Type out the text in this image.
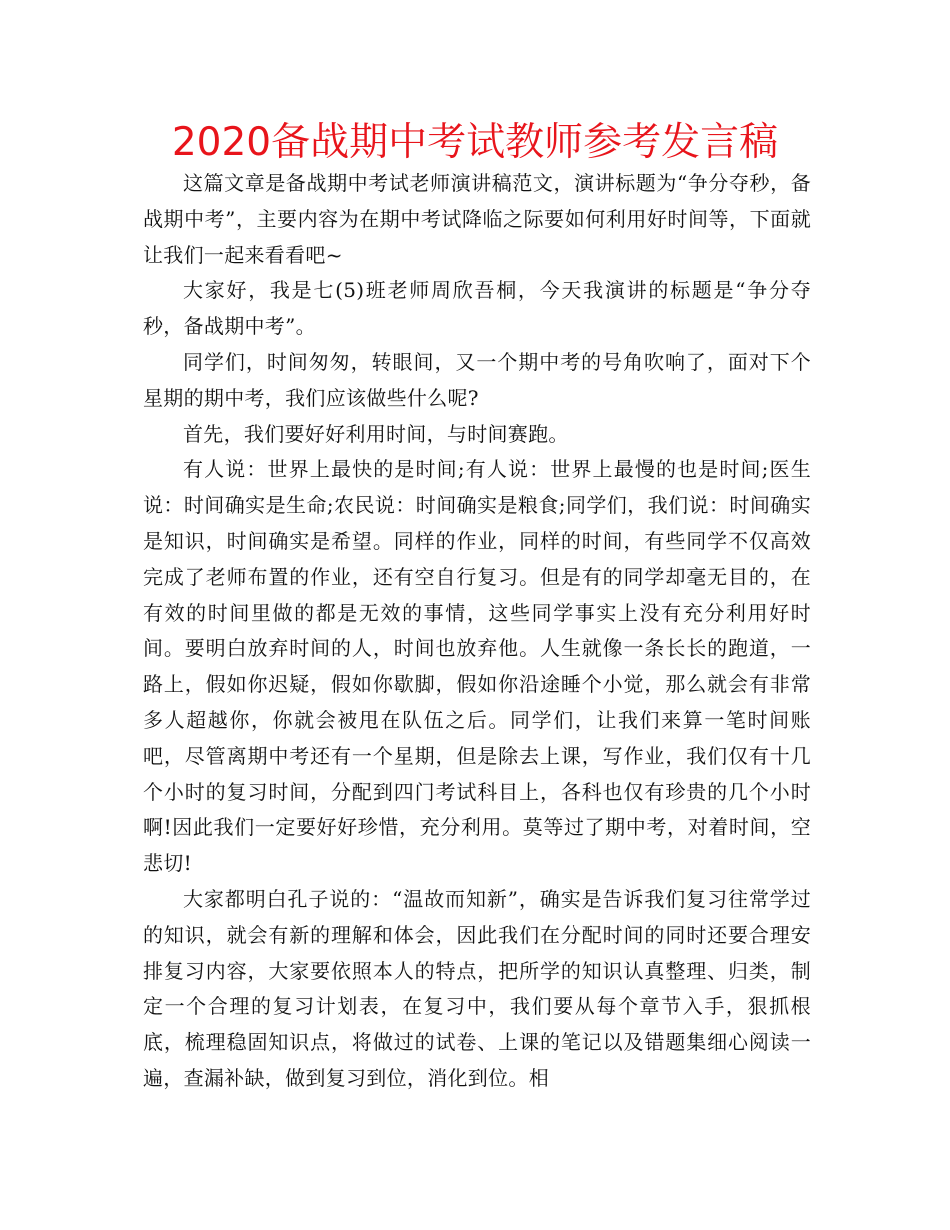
2020备战期中考试教师参考发言稿

这篇文章是备战期中考试老师演讲稿范文，演讲标题为“争分夺秒，备战期中考”，主要内容为在期中考试降临之际要如何利用好时间等，下面就让我们一起来看看吧~

大家好，我是七(5)班老师周欣吾桐，今天我演讲的标题是“争分夺秒，备战期中考”。

同学们，时间匆匆，转眼间，又一个期中考的号角吹响了，面对下个星期的期中考，我们应该做些什么呢?

首先，我们要好好利用时间，与时间赛跑。

有人说：世界上最快的是时间;有人说：世界上最慢的也是时间;医生说：时间确实是生命;农民说：时间确实是粮食;同学们，我们说：时间确实是知识，时间确实是希望。同样的作业，同样的时间，有些同学不仅高效完成了老师布置的作业，还有空自行复习。但是有的同学却毫无目的，在有效的时间里做的都是无效的事情，这些同学事实上没有充分利用好时间。要明白放弃时间的人，时间也放弃他。人生就像一条长长的跑道，一路上，假如你迟疑，假如你歇脚，假如你沿途睡个小觉，那么就会有非常多人超越你，你就会被甩在队伍之后。同学们，让我们来算一笔时间账吧，尽管离期中考还有一个星期，但是除去上课，写作业，我们仅有十几个小时的复习时间，分配到四门考试科目上，各科也仅有珍贵的几个小时啊!因此我们一定要好好珍惜，充分利用。莫等过了期中考，对着时间，空悲切!

大家都明白孔子说的：“温故而知新”，确实是告诉我们复习往常学过的知识，就会有新的理解和体会，因此我们在分配时间的同时还要合理安排复习内容，大家要依照本人的特点，把所学的知识认真整理、归类，制定一个合理的复习计划表，在复习中，我们要从每个章节入手，狠抓根底，梳理稳固知识点，将做过的试卷、上课的笔记以及错题集细心阅读一遍，查漏补缺，做到复习到位，消化到位。相
